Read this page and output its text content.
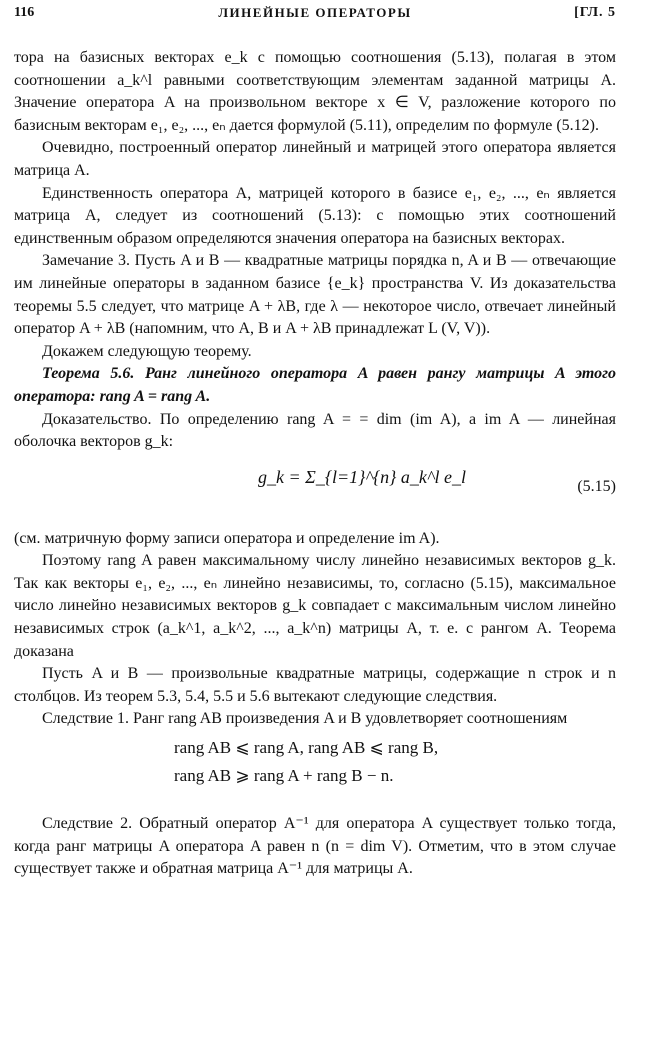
116	ЛИНЕЙНЫЕ ОПЕРАТОРЫ	[ГЛ. 5

тора на базисных векторах e_k с помощью соотношения (5.13), полагая в этом соотношении a_k^l равными соответствующим элементам заданной матрицы A. Значение оператора A на произвольном векторе x ∈ V, разложение которого по базисным векторам e₁, e₂, ..., eₙ дается формулой (5.11), определим по формуле (5.12).

Очевидно, построенный оператор линейный и матрицей этого оператора является матрица A.

Единственность оператора A, матрицей которого в базисе e₁, e₂, ..., eₙ является матрица A, следует из соотношений (5.13): с помощью этих соотношений единственным образом определяются значения оператора на базисных векторах.

Замечание 3. Пусть A и B — квадратные матрицы порядка n, A и B — отвечающие им линейные операторы в заданном базисе {e_k} пространства V. Из доказательства теоремы 5.5 следует, что матрице A + λB, где λ — некоторое число, отвечает линейный оператор A + λB (напомним, что A, B и A + λB принадлежат L (V, V)).

Докажем следующую теорему.

Теорема 5.6. Ранг линейного оператора A равен рангу матрицы A этого оператора: rang A = rang A.

Доказательство. По определению rang A = = dim (im A), а im A — линейная оболочка векторов g_k:

g_k = Σ_{l=1}^{n} a_k^l e_l	(5.15)

(см. матричную форму записи оператора и определение im A).

Поэтому rang A равен максимальному числу линейно независимых векторов g_k. Так как векторы e₁, e₂, ..., eₙ линейно независимы, то, согласно (5.15), максимальное число линейно независимых векторов g_k совпадает с максимальным числом линейно независимых строк (a_k^1, a_k^2, ..., a_k^n) матрицы A, т. е. с рангом A. Теорема доказана

Пусть A и B — произвольные квадратные матрицы, содержащие n строк и n столбцов. Из теорем 5.3, 5.4, 5.5 и 5.6 вытекают следующие следствия.

Следствие 1. Ранг rang AB произведения A и B удовлетворяет соотношениям

rang AB ⩽ rang A, rang AB ⩽ rang B,
rang AB ⩾ rang A + rang B − n.

Следствие 2. Обратный оператор A⁻¹ для оператора A существует только тогда, когда ранг матрицы A оператора A равен n (n = dim V). Отметим, что в этом случае существует также и обратная матрица A⁻¹ для матрицы A.
